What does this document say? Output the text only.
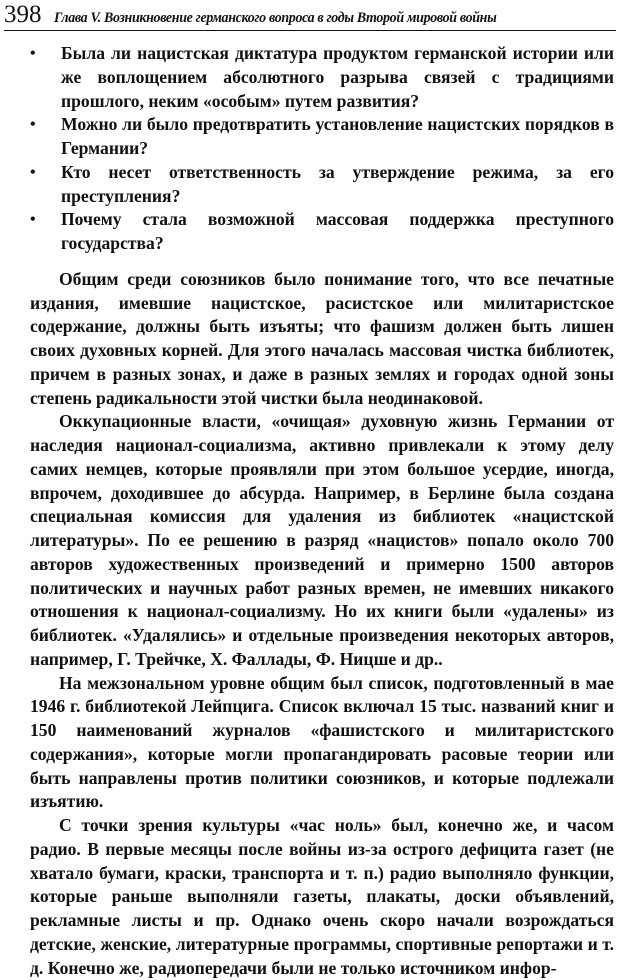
398 Глава V. Возникновение германского вопроса в годы Второй мировой войны
• Была ли нацистская диктатура продуктом германской истории или же воплощением абсолютного разрыва связей с традициями прошлого, неким «особым» путем развития?
• Можно ли было предотвратить установление нацистских порядков в Германии?
• Кто несет ответственность за утверждение режима, за его преступления?
• Почему стала возможной массовая поддержка преступного государства?

Общим среди союзников было понимание того, что все печатные издания, имевшие нацистское, расистское или милитаристское содержание, должны быть изъяты; что фашизм должен быть лишен своих духовных корней. Для этого началась массовая чистка библиотек, причем в разных зонах, и даже в разных землях и городах одной зоны степень радикальности этой чистки была неодинаковой.

Оккупационные власти, «очищая» духовную жизнь Германии от наследия национал-социализма, активно привлекали к этому делу самих немцев, которые проявляли при этом большое усердие, иногда, впрочем, доходившее до абсурда. Например, в Берлине была создана специальная комиссия для удаления из библиотек «нацистской литературы». По ее решению в разряд «нацистов» попало около 700 авторов художественных произведений и примерно 1500 авторов политических и научных работ разных времен, не имевших никакого отношения к национал-социализму. Но их книги были «удалены» из библиотек. «Удалялись» и отдельные произведения некоторых авторов, например, Г. Трейчке, Х. Фаллады, Ф. Ницше и др..

На межзональном уровне общим был список, подготовленный в мае 1946 г. библиотекой Лейпцига. Список включал 15 тыс. названий книг и 150 наименований журналов «фашистского и милитаристского содержания», которые могли пропагандировать расовые теории или быть направлены против политики союзников, и которые подлежали изъятию.

С точки зрения культуры «час ноль» был, конечно же, и часом радио. В первые месяцы после войны из-за острого дефицита газет (не хватало бумаги, краски, транспорта и т. п.) радио выполняло функции, которые раньше выполняли газеты, плакаты, доски объявлений, рекламные листы и пр. Однако очень скоро начали возрождаться детские, женские, литературные программы, спортивные репортажи и т. д. Конечно же, радиопередачи были не только источником инфор-
